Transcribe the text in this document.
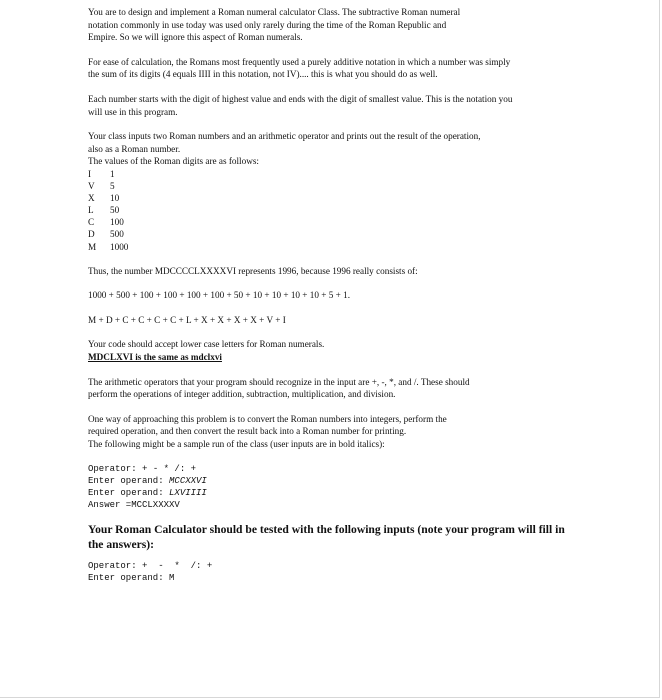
You are to design and implement a Roman numeral calculator Class. The subtractive Roman numeral

notation commonly in use today was used only rarely during the time of the Roman Republic and

Empire. So we will ignore this aspect of Roman numerals.

For ease of calculation, the Romans most frequently used a purely additive notation in which a number was simply

the sum of its digits (4 equals IIII in this notation, not IV).... this is what you should do as well.

Each number starts with the digit of highest value and ends with the digit of smallest value. This is the notation you

will use in this program.

Your class inputs two Roman numbers and an arithmetic operator and prints out the result of the operation,

also as a Roman number.

The values of the Roman digits are as follows:

I	1
V	5
X	10
L	50
C	100
D	500
M	1000

Thus, the number MDCCCCLXXXXVI represents 1996, because 1996 really consists of:

1000 + 500 + 100 + 100 + 100 + 100 + 50 + 10 + 10 + 10 + 10 + 5 + 1.

M + D + C + C + C + C + L + X + X + X + X + V + I

Your code should accept lower case letters for Roman numerals.

MDCLXVI is the same as mdclxvi

The arithmetic operators that your program should recognize in the input are +, -, *, and /. These should

perform the operations of integer addition, subtraction, multiplication, and division.

One way of approaching this problem is to convert the Roman numbers into integers, perform the

required operation, and then convert the result back into a Roman number for printing.

The following might be a sample run of the class (user inputs are in bold italics):

Operator: + - * /: +
Enter operand: MCCXXVI
Enter operand: LXVIIII
Answer =MCCLXXXXV

Your Roman Calculator should be tested with the following inputs (note your program will fill in

the answers):

Operator: +  -  *  /: +
Enter operand: M
